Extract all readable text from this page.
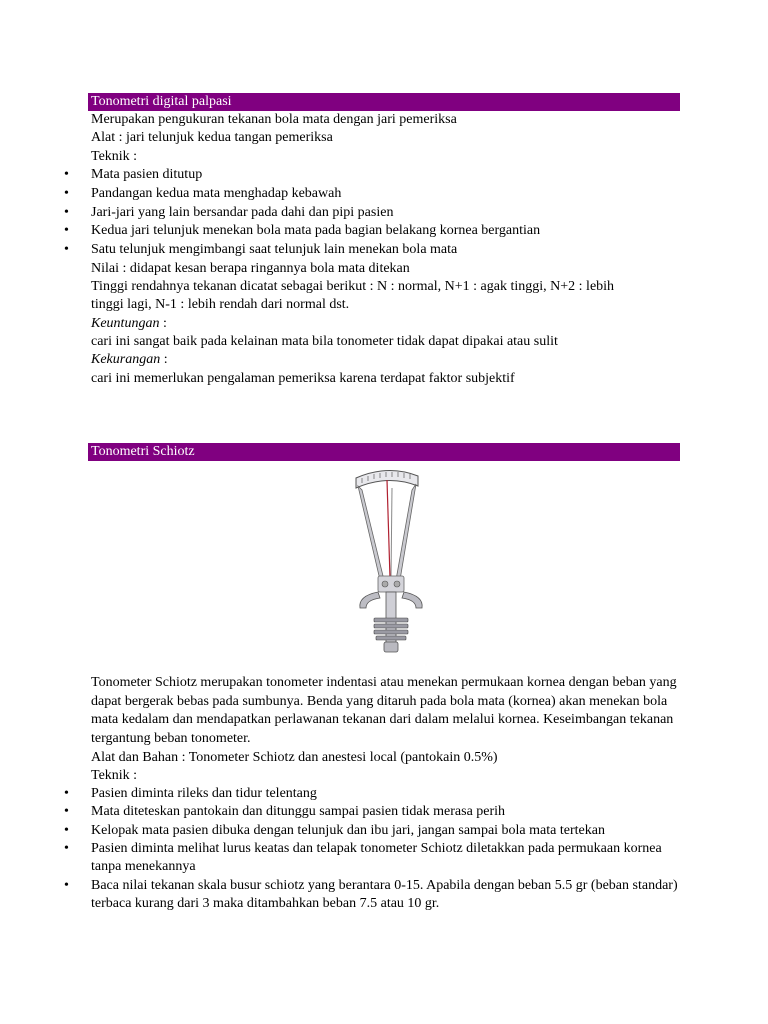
Tonometri digital palpasi
Merupakan pengukuran tekanan bola mata dengan jari pemeriksa
Alat : jari telunjuk kedua tangan pemeriksa
Teknik :
• Mata pasien ditutup
• Pandangan kedua mata menghadap kebawah
• Jari-jari yang lain bersandar pada dahi dan pipi pasien
• Kedua jari telunjuk menekan bola mata pada bagian belakang kornea bergantian
• Satu telunjuk mengimbangi saat telunjuk lain menekan bola mata
Nilai : didapat kesan berapa ringannya bola mata ditekan
Tinggi rendahnya tekanan dicatat sebagai berikut : N : normal, N+1 : agak tinggi, N+2 : lebih
tinggi lagi, N-1 : lebih rendah dari normal dst.
Keuntungan :
cari ini sangat baik pada kelainan mata bila tonometer tidak dapat dipakai atau sulit
Kekurangan :
cari ini memerlukan pengalaman pemeriksa karena terdapat faktor subjektif
Tonometri Schiotz
Tonometer Schiotz merupakan tonometer indentasi atau menekan permukaan kornea dengan beban yang dapat bergerak bebas pada sumbunya. Benda yang ditaruh pada bola mata (kornea) akan menekan bola mata kedalam dan mendapatkan perlawanan tekanan dari dalam melalui kornea. Keseimbangan tekanan tergantung beban tonometer.
Alat dan Bahan : Tonometer Schiotz dan anestesi local (pantokain 0.5%)
Teknik :
• Pasien diminta rileks dan tidur telentang
• Mata diteteskan pantokain dan ditunggu sampai pasien tidak merasa perih
• Kelopak mata pasien dibuka dengan telunjuk dan ibu jari, jangan sampai bola mata tertekan
• Pasien diminta melihat lurus keatas dan telapak tonometer Schiotz diletakkan pada permukaan kornea tanpa menekannya
• Baca nilai tekanan skala busur schiotz yang berantara 0-15. Apabila dengan beban 5.5 gr (beban standar) terbaca kurang dari 3 maka ditambahkan beban 7.5 atau 10 gr.
